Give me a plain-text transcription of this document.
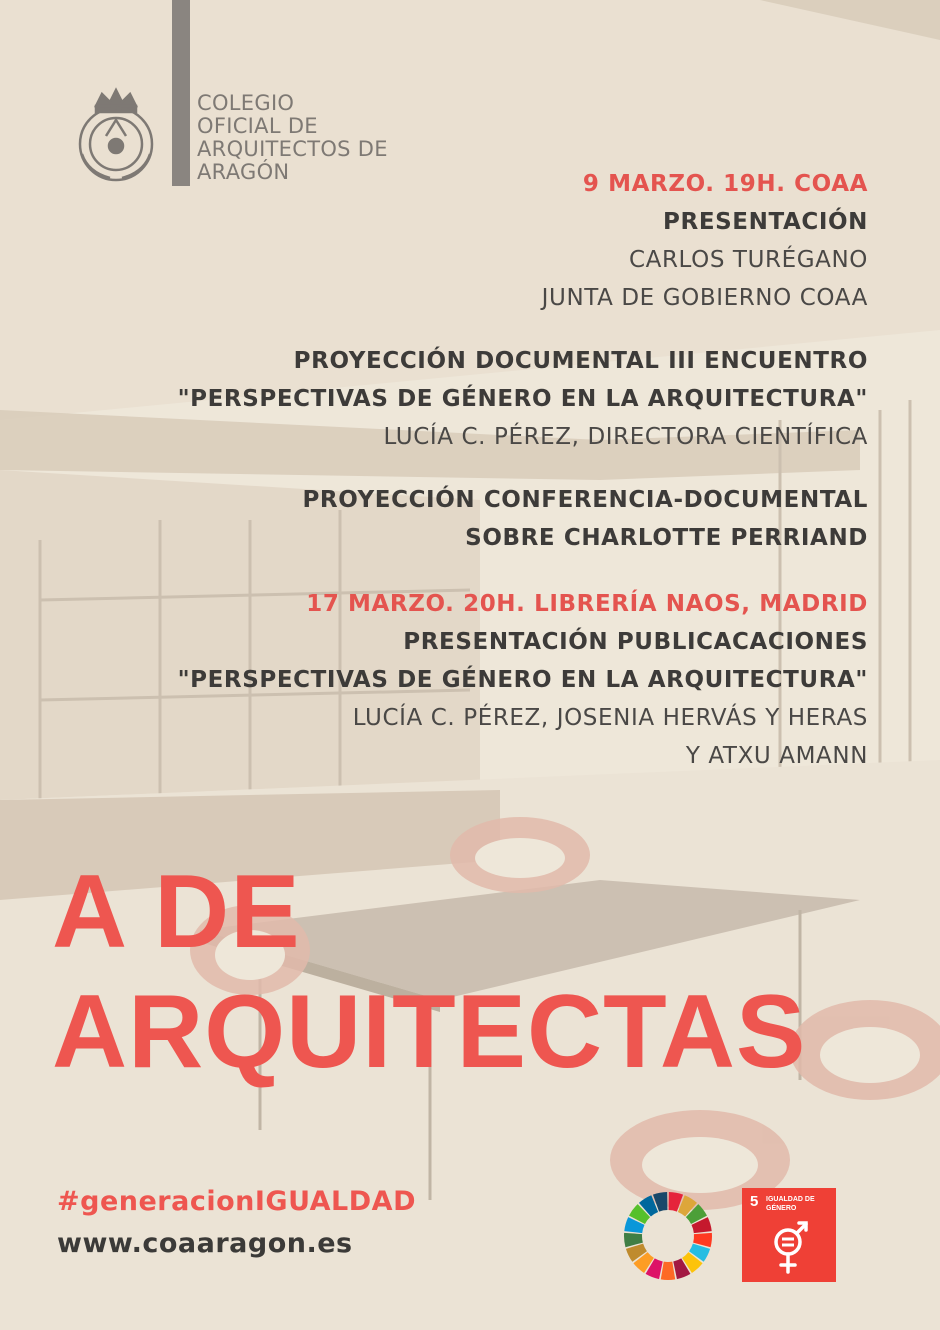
COLEGIO
OFICIAL DE
ARQUITECTOS DE
ARAGÓN	9 MARZO. 19H. COAA
PRESENTACIÓN
CARLOS TURÉGANO
JUNTA DE GOBIERNO COAA
PROYECCIÓN DOCUMENTAL III ENCUENTRO
"PERSPECTIVAS DE GÉNERO EN LA ARQUITECTURA"
LUCÍA C. PÉREZ, DIRECTORA CIENTÍFICA
PROYECCIÓN CONFERENCIA-DOCUMENTAL
SOBRE CHARLOTTE PERRIAND
17 MARZO. 20H. LIBRERÍA NAOS, MADRID
PRESENTACIÓN PUBLICACACIONES
"PERSPECTIVAS DE GÉNERO EN LA ARQUITECTURA"
LUCÍA C. PÉREZ, JOSENIA HERVÁS Y HERAS
Y ATXU AMANN
A DE
ARQUITECTAS
#generacionIGUALDAD
www.coaaragon.es
5 IGUALDAD DE GÉNERO
